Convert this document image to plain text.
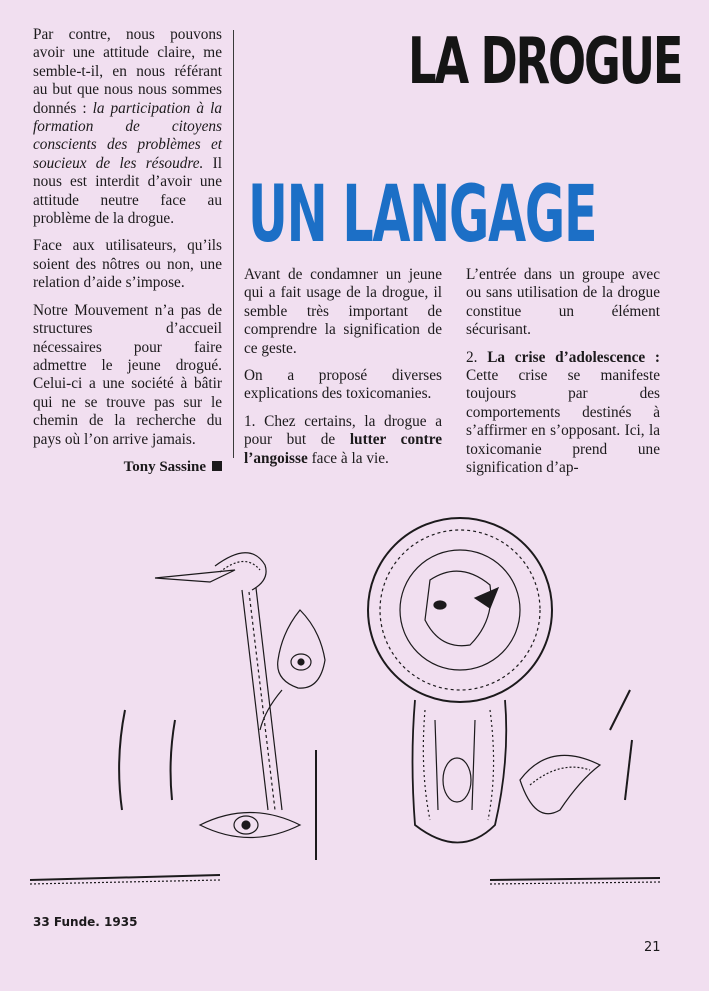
LA DROGUE
UN LANGAGE

Par contre, nous pouvons avoir une attitude claire, me semble-t-il, en nous référant au but que nous nous sommes donnés : la participation à la formation de citoyens conscients des problèmes et soucieux de les résoudre. Il nous est interdit d’avoir une attitude neutre face au problème de la drogue.

Face aux utilisateurs, qu’ils soient des nôtres ou non, une relation d’aide s’impose.

Notre Mouvement n’a pas de structures d’accueil nécessaires pour faire admettre le jeune drogué. Celui-ci a une société à bâtir qui ne se trouve pas sur le chemin de la recherche du pays où l’on arrive jamais.

Tony Sassine

Avant de condamner un jeune qui a fait usage de la drogue, il semble très important de comprendre la signification de ce geste.

On a proposé diverses explications des toxicomanies.

1. Chez certains, la drogue a pour but de lutter contre l’angoisse face à la vie.

L’entrée dans un groupe avec ou sans utilisation de la drogue constitue un élément sécurisant.

2. La crise d’adolescence : Cette crise se manifeste toujours par des comportements destinés à s’affirmer en s’opposant. Ici, la toxicomanie prend une signification d’ap-

33 Funde. 1935
21
